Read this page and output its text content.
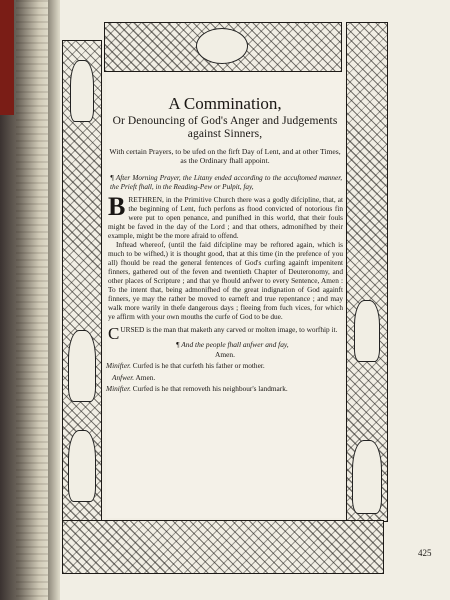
A Commination,
Or Denouncing of God's Anger and Judgements against Sinners,
With certain Prayers, to be ufed on the firft Day of Lent, and at other Times, as the Ordinary fhall appoint.
¶ After Morning Prayer, the Litany ended according to the accuftomed manner, the Prieft fhall, in the Reading-Pew or Pulpit, fay,

BRETHREN, in the Primitive Church there was a godly difcipline, that, at the beginning of Lent, fuch perfons as ftood convicted of notorious fin were put to open penance, and punifhed in this world, that their fouls might be faved in the day of the Lord ; and that others, admonifhed by their example, might be the more afraid to offend.

Inftead whereof, (until the faid difcipline may be reftored again, which is much to be wifhed,) it is thought good, that at this time (in the prefence of you all) fhould be read the general fentences of God's curfing againft impenitent finners, gathered out of the feven and twentieth Chapter of Deuteronomy, and other places of Scripture ; and that ye fhould anfwer to every Sentence, Amen : To the intent that, being admonifhed of the great indignation of God againft finners, ye may the rather be moved to earneft and true repentance ; and may walk more warily in thefe dangerous days ; fleeing from fuch vices, for which ye affirm with your own mouths the curfe of God to be due.

CURSED is the man that maketh any carved or molten image, to worfhip it.

¶ And the people fhall anfwer and fay,
Amen.
Minifter. Curfed is he that curfeth his father or mother.
Anfwer. Amen.
Minifter. Curfed is he that removeth his neighbour's landmark.
425
